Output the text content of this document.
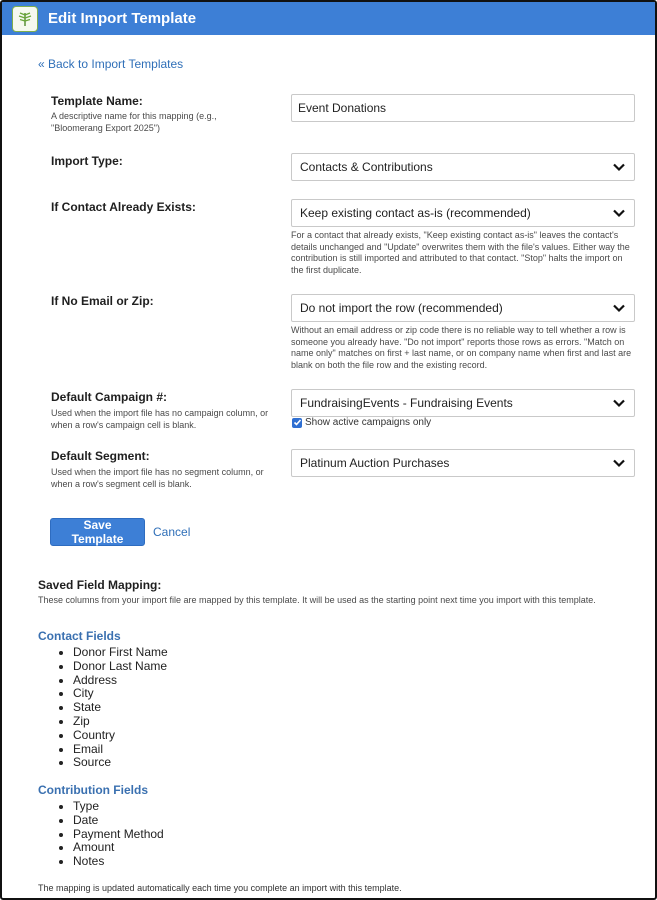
Edit Import Template
« Back to Import Templates
Template Name:
A descriptive name for this mapping (e.g., "Bloomerang Export 2025")
Event Donations
Import Type:	Contacts & Contributions
If Contact Already Exists:	Keep existing contact as-is (recommended)
For a contact that already exists, "Keep existing contact as-is" leaves the contact's details unchanged and "Update" overwrites them with the file's values. Either way the contribution is still imported and attributed to that contact. "Stop" halts the import on the first duplicate.
If No Email or Zip:	Do not import the row (recommended)
Without an email address or zip code there is no reliable way to tell whether a row is someone you already have. "Do not import" reports those rows as errors. "Match on name only" matches on first + last name, or on company name when first and last are blank on both the file row and the existing record.
Default Campaign #:
Used when the import file has no campaign column, or when a row's campaign cell is blank.
FundraisingEvents - Fundraising Events
Show active campaigns only
Default Segment:
Used when the import file has no segment column, or when a row's segment cell is blank.
Platinum Auction Purchases
Save Template	Cancel
Saved Field Mapping:
These columns from your import file are mapped by this template. It will be used as the starting point next time you import with this template.
Contact Fields
• Donor First Name
• Donor Last Name
• Address
• City
• State
• Zip
• Country
• Email
• Source
Contribution Fields
• Type
• Date
• Payment Method
• Amount
• Notes
The mapping is updated automatically each time you complete an import with this template.
